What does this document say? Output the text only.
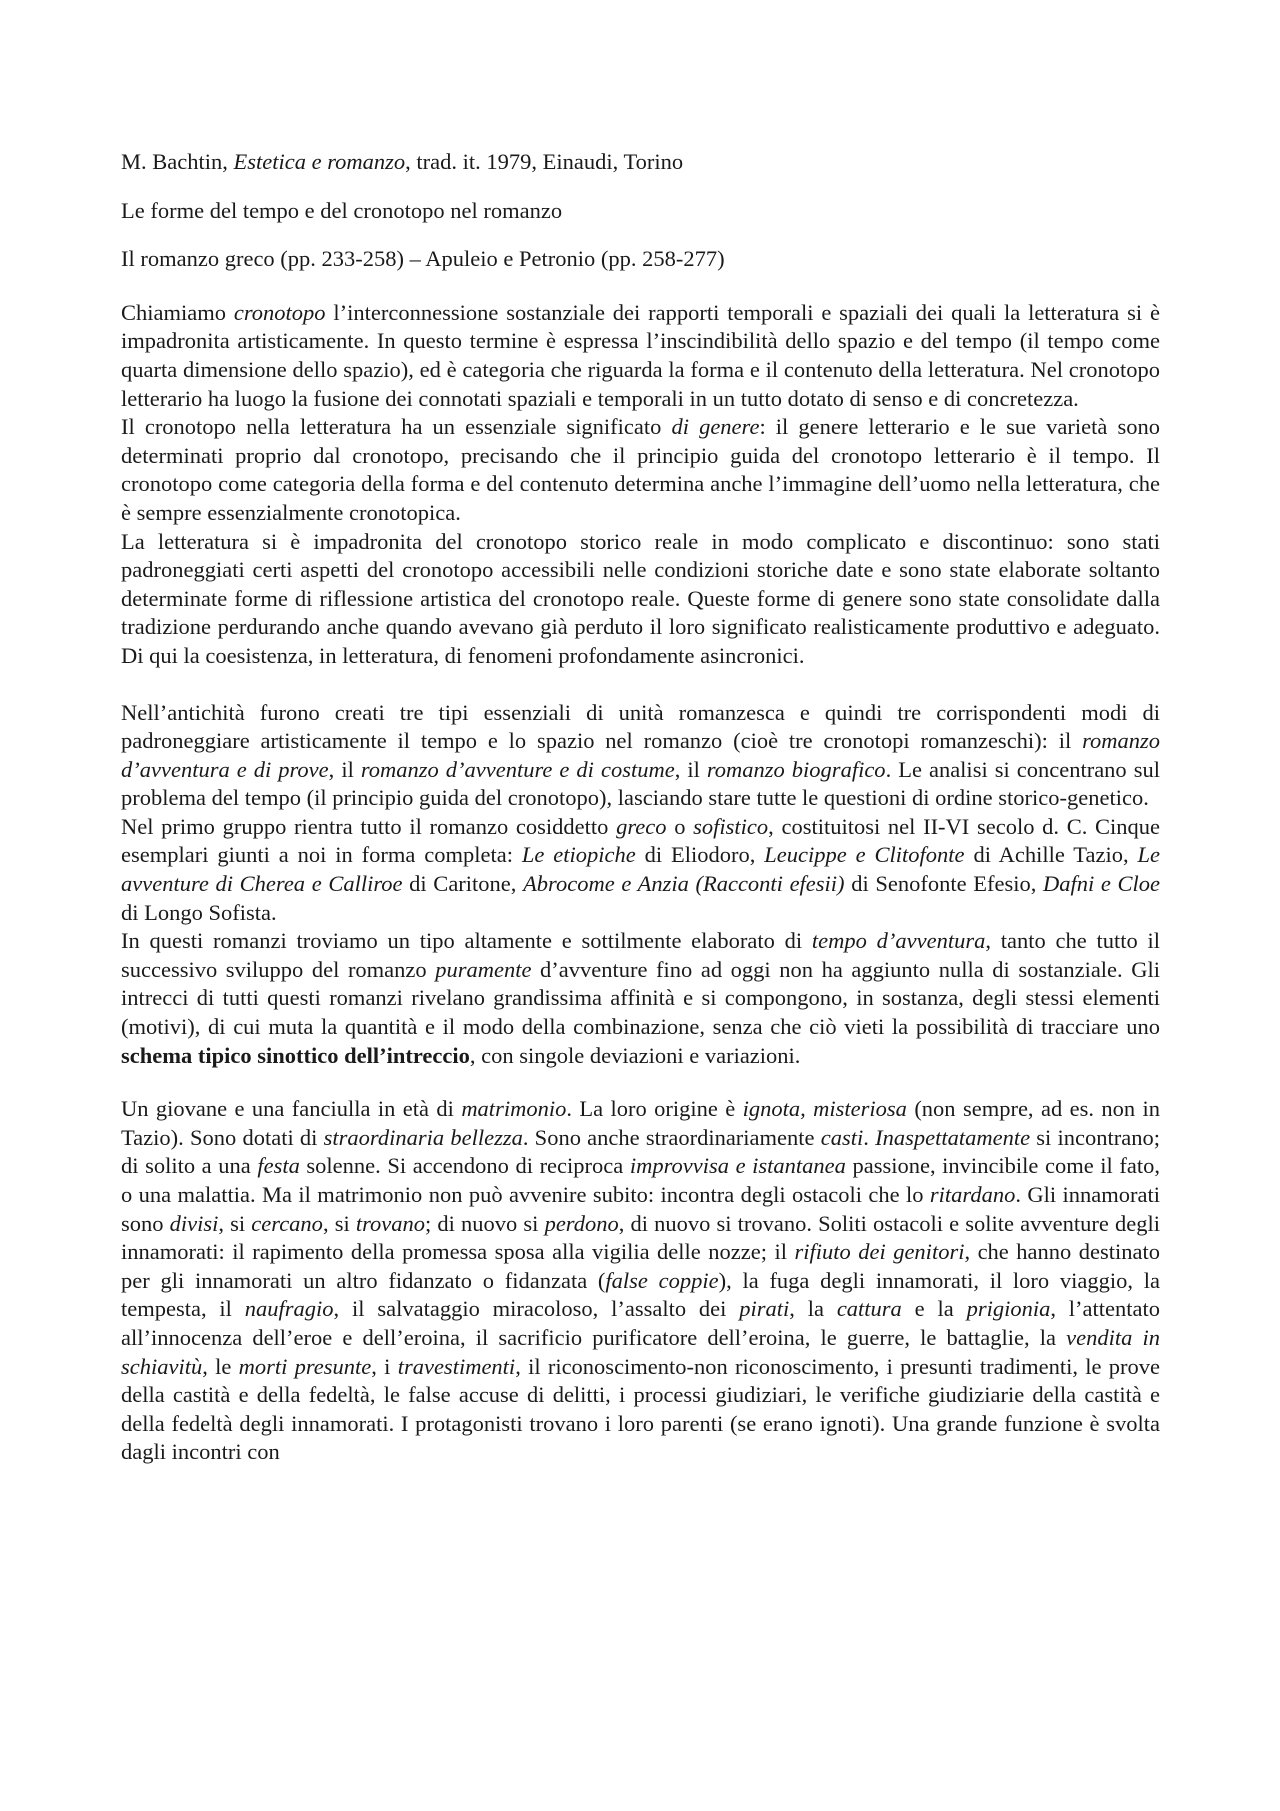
M. Bachtin, Estetica e romanzo, trad. it. 1979, Einaudi, Torino

Le forme del tempo e del cronotopo nel romanzo

Il romanzo greco (pp. 233-258) – Apuleio e Petronio (pp. 258-277)

Chiamiamo cronotopo l’interconnessione sostanziale dei rapporti temporali e spaziali dei quali la letteratura si è impadronita artisticamente. In questo termine è espressa l’inscindibilità dello spazio e del tempo (il tempo come quarta dimensione dello spazio), ed è categoria che riguarda la forma e il contenuto della letteratura. Nel cronotopo letterario ha luogo la fusione dei connotati spaziali e temporali in un tutto dotato di senso e di concretezza.

Il cronotopo nella letteratura ha un essenziale significato di genere: il genere letterario e le sue varietà sono determinati proprio dal cronotopo, precisando che il principio guida del cronotopo letterario è il tempo. Il cronotopo come categoria della forma e del contenuto determina anche l’immagine dell’uomo nella letteratura, che è sempre essenzialmente cronotopica.

La letteratura si è impadronita del cronotopo storico reale in modo complicato e discontinuo: sono stati padroneggiati certi aspetti del cronotopo accessibili nelle condizioni storiche date e sono state elaborate soltanto determinate forme di riflessione artistica del cronotopo reale. Queste forme di genere sono state consolidate dalla tradizione perdurando anche quando avevano già perduto il loro significato realisticamente produttivo e adeguato. Di qui la coesistenza, in letteratura, di fenomeni profondamente asincronici.

Nell’antichità furono creati tre tipi essenziali di unità romanzesca e quindi tre corrispondenti modi di padroneggiare artisticamente il tempo e lo spazio nel romanzo (cioè tre cronotopi romanzeschi): il romanzo d’avventura e di prove, il romanzo d’avventure e di costume, il romanzo biografico. Le analisi si concentrano sul problema del tempo (il principio guida del cronotopo), lasciando stare tutte le questioni di ordine storico-genetico.

Nel primo gruppo rientra tutto il romanzo cosiddetto greco o sofistico, costituitosi nel II-VI secolo d. C. Cinque esemplari giunti a noi in forma completa: Le etiopiche di Eliodoro, Leucippe e Clitofonte di Achille Tazio, Le avventure di Cherea e Calliroe di Caritone, Abrocome e Anzia (Racconti efesii) di Senofonte Efesio, Dafni e Cloe di Longo Sofista.

In questi romanzi troviamo un tipo altamente e sottilmente elaborato di tempo d’avventura, tanto che tutto il successivo sviluppo del romanzo puramente d’avventure fino ad oggi non ha aggiunto nulla di sostanziale. Gli intrecci di tutti questi romanzi rivelano grandissima affinità e si compongono, in sostanza, degli stessi elementi (motivi), di cui muta la quantità e il modo della combinazione, senza che ciò vieti la possibilità di tracciare uno schema tipico sinottico dell’intreccio, con singole deviazioni e variazioni.

Un giovane e una fanciulla in età di matrimonio. La loro origine è ignota, misteriosa (non sempre, ad es. non in Tazio). Sono dotati di straordinaria bellezza. Sono anche straordinariamente casti. Inaspettatamente si incontrano; di solito a una festa solenne. Si accendono di reciproca improvvisa e istantanea passione, invincibile come il fato, o una malattia. Ma il matrimonio non può avvenire subito: incontra degli ostacoli che lo ritardano. Gli innamorati sono divisi, si cercano, si trovano; di nuovo si perdono, di nuovo si trovano. Soliti ostacoli e solite avventure degli innamorati: il rapimento della promessa sposa alla vigilia delle nozze; il rifiuto dei genitori, che hanno destinato per gli innamorati un altro fidanzato o fidanzata (false coppie), la fuga degli innamorati, il loro viaggio, la tempesta, il naufragio, il salvataggio miracoloso, l’assalto dei pirati, la cattura e la prigionia, l’attentato all’innocenza dell’eroe e dell’eroina, il sacrificio purificatore dell’eroina, le guerre, le battaglie, la vendita in schiavitù, le morti presunte, i travestimenti, il riconoscimento-non riconoscimento, i presunti tradimenti, le prove della castità e della fedeltà, le false accuse di delitti, i processi giudiziari, le verifiche giudiziarie della castità e della fedeltà degli innamorati. I protagonisti trovano i loro parenti (se erano ignoti). Una grande funzione è svolta dagli incontri con
